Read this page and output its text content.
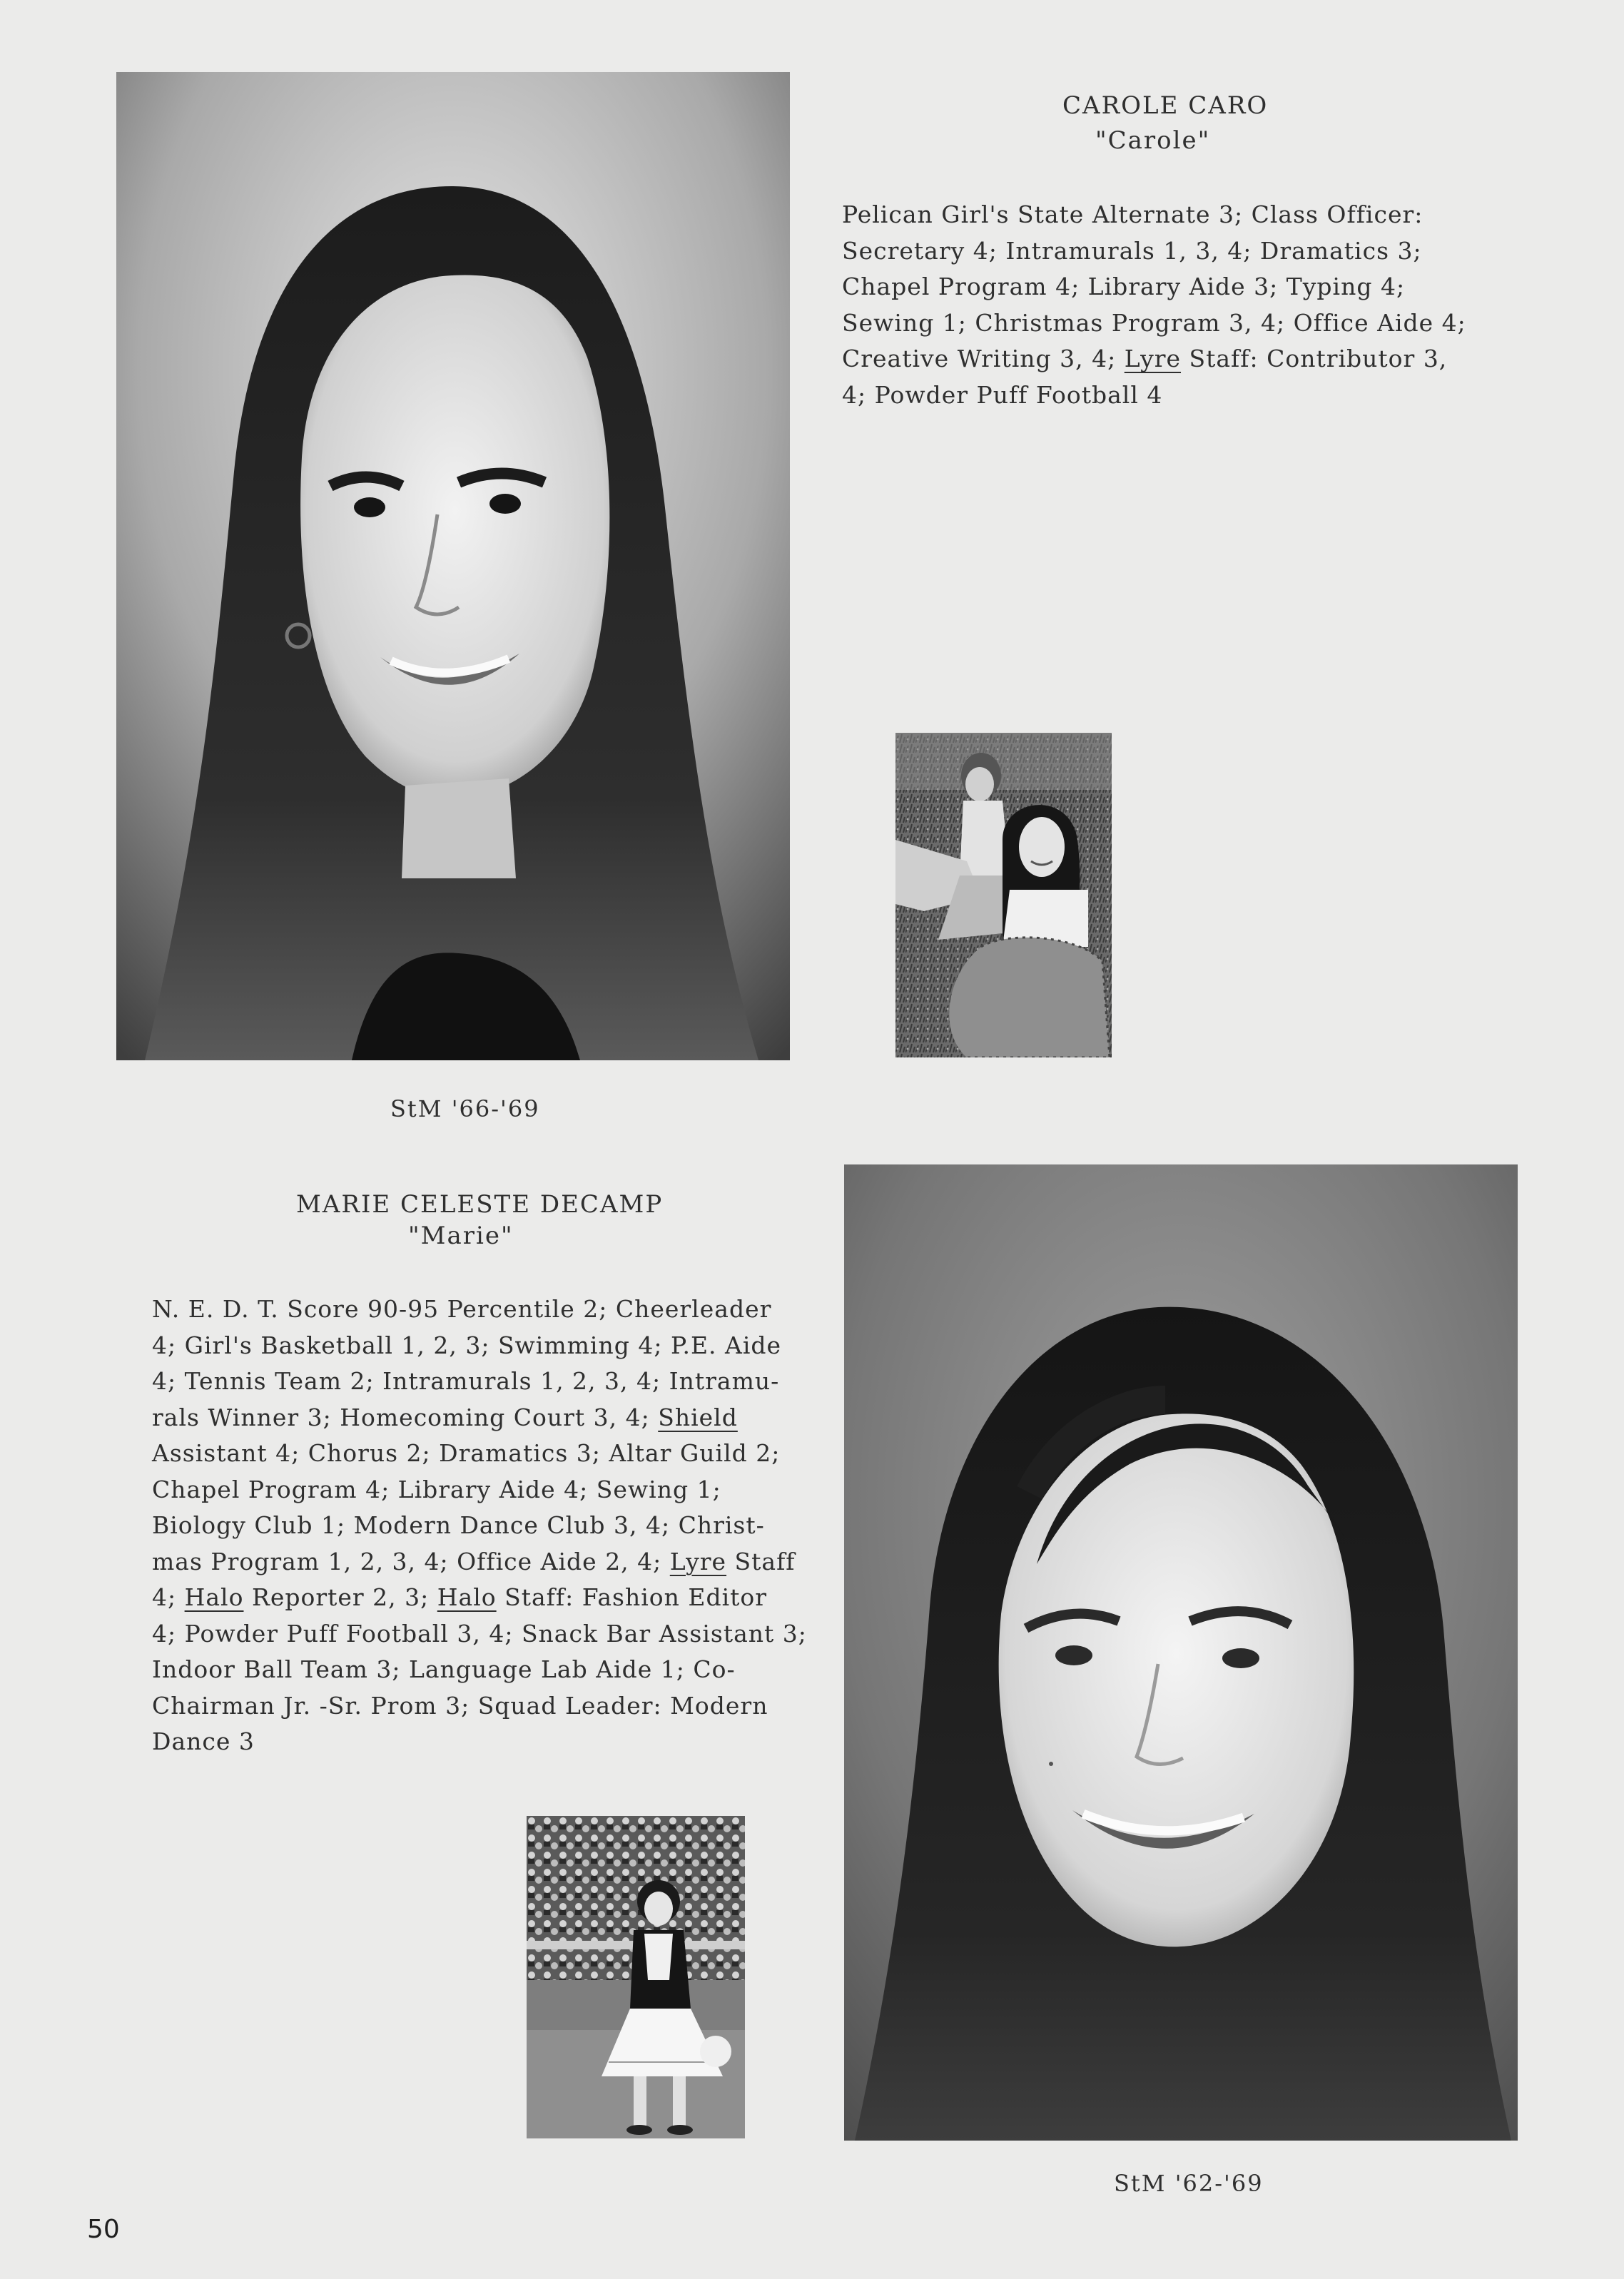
CAROLE CARO
"Carole"
Pelican Girl's State Alternate 3; Class Officer:
Secretary 4; Intramurals 1, 3, 4; Dramatics 3;
Chapel Program 4; Library Aide 3; Typing 4;
Sewing 1; Christmas Program 3, 4; Office Aide 4;
Creative Writing 3, 4; Lyre Staff: Contributor 3,
4; Powder Puff Football 4
StM '66-'69
MARIE CELESTE DECAMP
"Marie"
N. E. D. T. Score 90-95 Percentile 2; Cheerleader
4; Girl's Basketball 1, 2, 3; Swimming 4; P.E. Aide
4; Tennis Team 2; Intramurals 1, 2, 3, 4; Intramu-
rals Winner 3; Homecoming Court 3, 4; Shield
Assistant 4; Chorus 2; Dramatics 3; Altar Guild 2;
Chapel Program 4; Library Aide 4; Sewing 1;
Biology Club 1; Modern Dance Club 3, 4; Christ-
mas Program 1, 2, 3, 4; Office Aide 2, 4; Lyre Staff
4; Halo Reporter 2, 3; Halo Staff: Fashion Editor
4; Powder Puff Football 3, 4; Snack Bar Assistant 3;
Indoor Ball Team 3; Language Lab Aide 1; Co-
Chairman Jr. -Sr. Prom 3; Squad Leader: Modern
Dance 3
StM '62-'69
50
